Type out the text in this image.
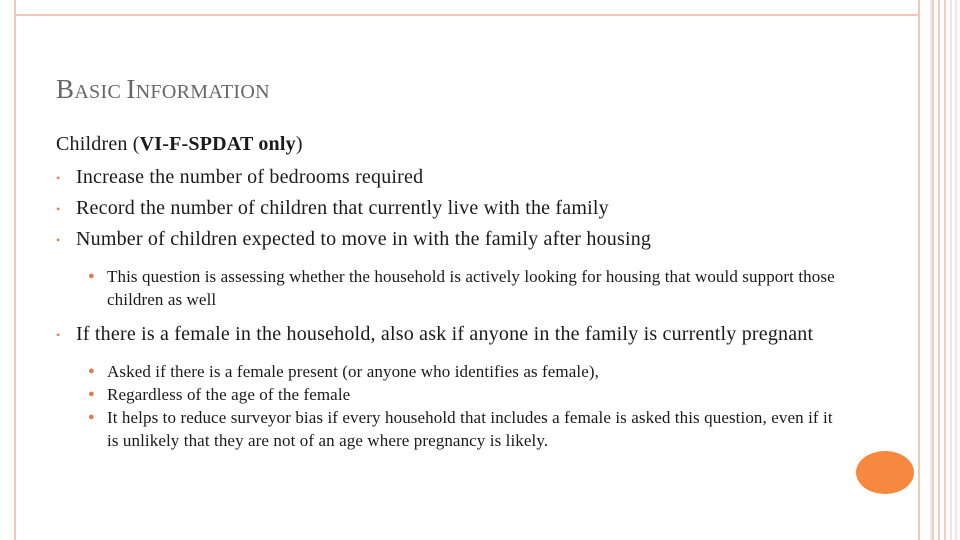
BASIC INFORMATION
Children (VI-F-SPDAT only)
• Increase the number of bedrooms required
• Record the number of children that currently live with the family
• Number of children expected to move in with the family after housing
● This question is assessing whether the household is actively looking for housing that would support those children as well
• If there is a female in the household, also ask if anyone in the family is currently pregnant
● Asked if there is a female present (or anyone who identifies as female),
● Regardless of the age of the female
● It helps to reduce surveyor bias if every household that includes a female is asked this question, even if it is unlikely that they are not of an age where pregnancy is likely.
